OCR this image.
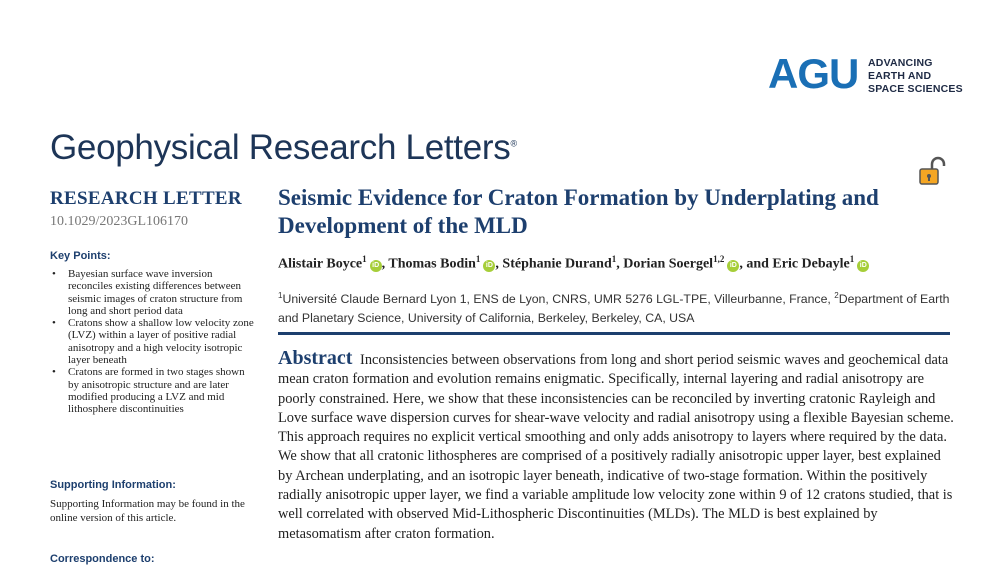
AGU ADVANCING
EARTH AND
SPACE SCIENCES
Geophysical Research Letters®
RESEARCH LETTER
10.1029/2023GL106170
Key Points:
• Bayesian surface wave inversion reconciles existing differences between seismic images of craton structure from long and short period data
• Cratons show a shallow low velocity zone (LVZ) within a layer of positive radial anisotropy and a high velocity isotropic layer beneath
• Cratons are formed in two stages shown by anisotropic structure and are later modified producing a LVZ and mid lithosphere discontinuities
Supporting Information:
Supporting Information may be found in the online version of this article.
Correspondence to:
Seismic Evidence for Craton Formation by Underplating and Development of the MLD
Alistair Boyce$^1$iD , Thomas Bodin$^1$iD , Stéphanie Durand$^1$, Dorian Soergel$^{1,2}$iD , and Eric Debayle$^1$iD
$^1$Université Claude Bernard Lyon 1, ENS de Lyon, CNRS, UMR 5276 LGL-TPE, Villeurbanne, France, $^2$Department of Earth and Planetary Science, University of California, Berkeley, Berkeley, CA, USA
Abstract Inconsistencies between observations from long and short period seismic waves and geochemical data mean craton formation and evolution remains enigmatic. Specifically, internal layering and radial anisotropy are poorly constrained. Here, we show that these inconsistencies can be reconciled by inverting cratonic Rayleigh and Love surface wave dispersion curves for shear-wave velocity and radial anisotropy using a flexible Bayesian scheme. This approach requires no explicit vertical smoothing and only adds anisotropy to layers where required by the data. We show that all cratonic lithospheres are comprised of a positively radially anisotropic upper layer, best explained by Archean underplating, and an isotropic layer beneath, indicative of two-stage formation. Within the positively radially anisotropic upper layer, we find a variable amplitude low velocity zone within 9 of 12 cratons studied, that is well correlated with observed Mid-Lithospheric Discontinuities (MLDs). The MLD is best explained by metasomatism after craton formation.
